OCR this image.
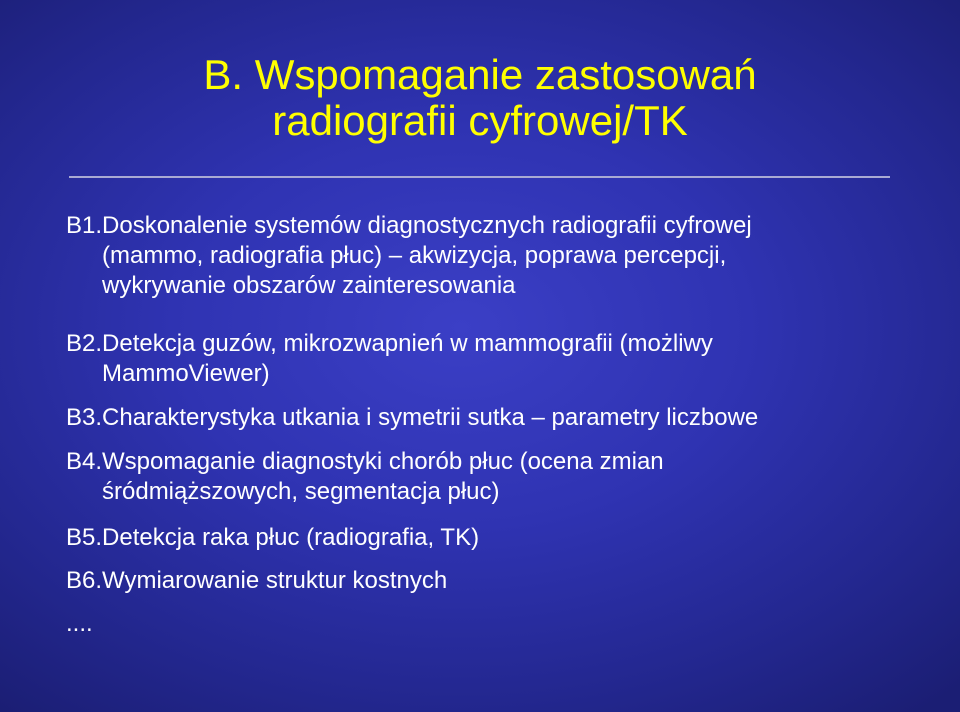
B. Wspomaganie zastosowań
radiografii cyfrowej/TK
B1.Doskonalenie systemów diagnostycznych radiografii cyfrowej
(mammo, radiografia płuc) – akwizycja, poprawa percepcji,
wykrywanie obszarów zainteresowania
B2.Detekcja guzów, mikrozwapnień w mammografii (możliwy
MammoViewer)
B3.Charakterystyka utkania i symetrii sutka – parametry liczbowe
B4.Wspomaganie diagnostyki chorób płuc (ocena zmian
śródmiąższowych, segmentacja płuc)
B5.Detekcja raka płuc (radiografia, TK)
B6.Wymiarowanie struktur kostnych
....
